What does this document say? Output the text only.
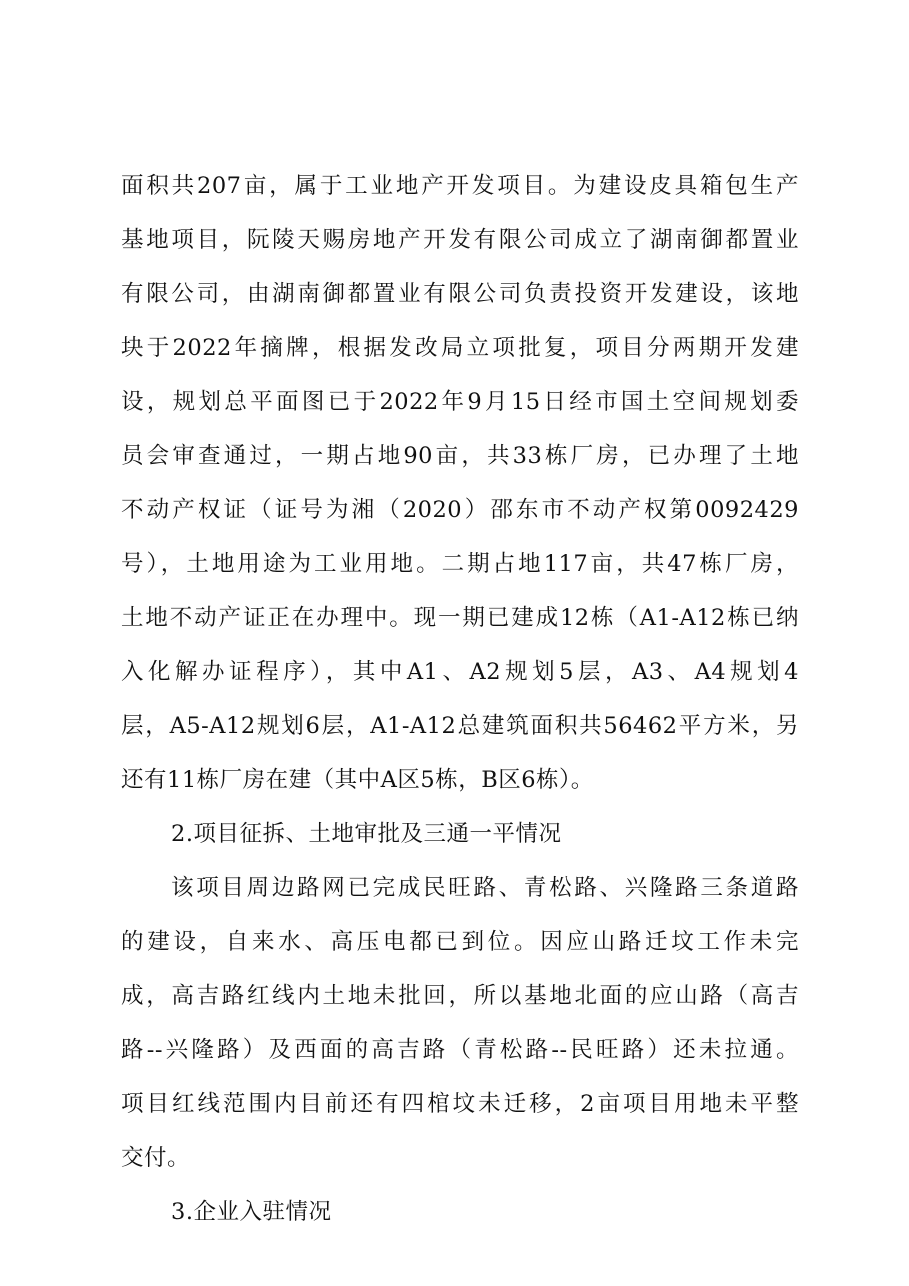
面积共207亩，属于工业地产开发项目。为建设皮具箱包生产
基地项目，阮陵天赐房地产开发有限公司成立了湖南御都置业
有限公司，由湖南御都置业有限公司负责投资开发建设，该地
块于2022年摘牌，根据发改局立项批复，项目分两期开发建
设，规划总平面图已于2022年9月15日经市国土空间规划委
员会审查通过，一期占地90亩，共33栋厂房，已办理了土地
不动产权证（证号为湘（2020）邵东市不动产权第0092429
号），土地用途为工业用地。二期占地117亩，共47栋厂房，
土地不动产证正在办理中。现一期已建成12栋（A1-A12栋已纳
入化解办证程序），其中A1、A2规划5层，A3、A4规划4
层，A5-A12规划6层，A1-A12总建筑面积共56462平方米，另
还有11栋厂房在建（其中A区5栋，B区6栋）。
2.项目征拆、土地审批及三通一平情况
该项目周边路网已完成民旺路、青松路、兴隆路三条道路
的建设，自来水、高压电都已到位。因应山路迁坟工作未完
成，高吉路红线内土地未批回，所以基地北面的应山路（高吉
路--兴隆路）及西面的高吉路（青松路--民旺路）还未拉通。
项目红线范围内目前还有四棺坟未迁移，2亩项目用地未平整
交付。
3.企业入驻情况
